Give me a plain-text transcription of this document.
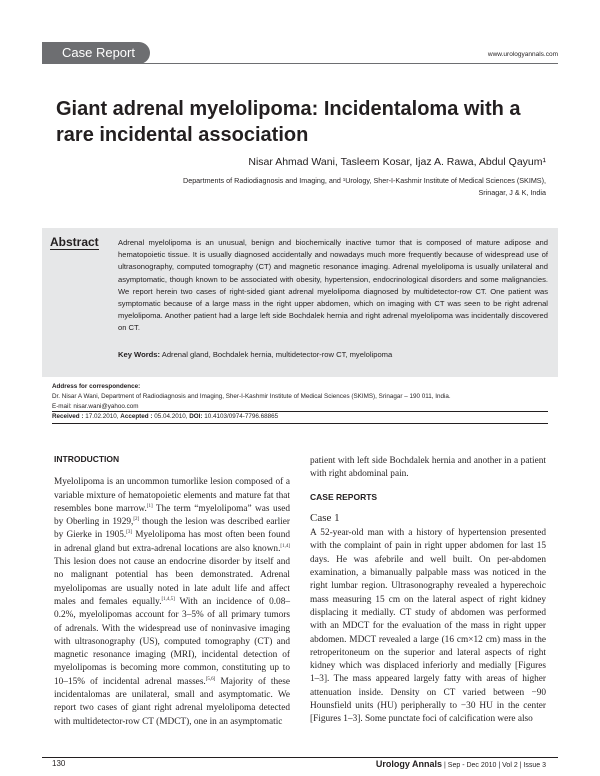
Case Report	www.urologyannals.com
Giant adrenal myelolipoma: Incidentaloma with a rare incidental association
Nisar Ahmad Wani, Tasleem Kosar, Ijaz A. Rawa, Abdul Qayum¹
Departments of Radiodiagnosis and Imaging, and ¹Urology, Sher-I-Kashmir Institute of Medical Sciences (SKIMS),
Srinagar, J & K, India
Abstract	Adrenal myelolipoma is an unusual, benign and biochemically inactive tumor that is composed of mature adipose and hematopoietic tissue. It is usually diagnosed accidentally and nowadays much more frequently because of widespread use of ultrasonography, computed tomography (CT) and magnetic resonance imaging. Adrenal myelolipoma is usually unilateral and asymptomatic, though known to be associated with obesity, hypertension, endocrinological disorders and some malignancies. We report herein two cases of right-sided giant adrenal myelolipoma diagnosed by multidetector-row CT. One patient was symptomatic because of a large mass in the right upper abdomen, which on imaging with CT was seen to be right adrenal myelolipoma. Another patient had a large left side Bochdalek hernia and right adrenal myelolipoma was incidentally discovered on CT.
Key Words: Adrenal gland, Bochdalek hernia, multidetector-row CT, myelolipoma
Address for correspondence:
Dr. Nisar A Wani, Department of Radiodiagnosis and Imaging, Sher-I-Kashmir Institute of Medical Sciences (SKIMS), Srinagar – 190 011, India.
E-mail: nisar.wani@yahoo.com
Received : 17.02.2010, Accepted : 05.04.2010, DOI: 10.4103/0974-7796.68865
INTRODUCTION

Myelolipoma is an uncommon tumorlike lesion composed of a variable mixture of hematopoietic elements and mature fat that resembles bone marrow.[1] The term “myelolipoma” was used by Oberling in 1929,[2] though the lesion was described earlier by Gierke in 1905.[3] Myelolipoma has most often been found in adrenal gland but extra-adrenal locations are also known.[1,4] This lesion does not cause an endocrine disorder by itself and no malignant potential has been demonstrated. Adrenal myelolipomas are usually noted in late adult life and affect males and females equally.[1,4,5] With an incidence of 0.08–0.2%, myelolipomas account for 3–5% of all primary tumors of adrenals. With the widespread use of noninvasive imaging with ultrasonography (US), computed tomography (CT) and magnetic resonance imaging (MRI), incidental detection of myelolipomas is becoming more common, constituting up to 10–15% of incidental adrenal masses.[5,6] Majority of these incidentalomas are unilateral, small and asymptomatic. We report two cases of giant right adrenal myelolipoma detected with multidetector-row CT (MDCT), one in an asymptomatic

patient with left side Bochdalek hernia and another in a patient with right abdominal pain.

CASE REPORTS
Case 1

A 52-year-old man with a history of hypertension presented with the complaint of pain in right upper abdomen for last 15 days. He was afebrile and well built. On per-abdomen examination, a bimanually palpable mass was noticed in the right lumbar region. Ultrasonography revealed a hyperechoic mass measuring 15 cm on the lateral aspect of right kidney displacing it medially. CT study of abdomen was performed with an MDCT for the evaluation of the mass in right upper abdomen. MDCT revealed a large (16 cm×12 cm) mass in the retroperitoneum on the superior and lateral aspects of right kidney which was displaced inferiorly and medially [Figures 1–3]. The mass appeared largely fatty with areas of higher attenuation inside. Density on CT varied between −90 Hounsfield units (HU) peripherally to −30 HU in the center [Figures 1–3]. Some punctate foci of calcification were also

130	Urology Annals | Sep - Dec 2010 | Vol 2 | Issue 3
